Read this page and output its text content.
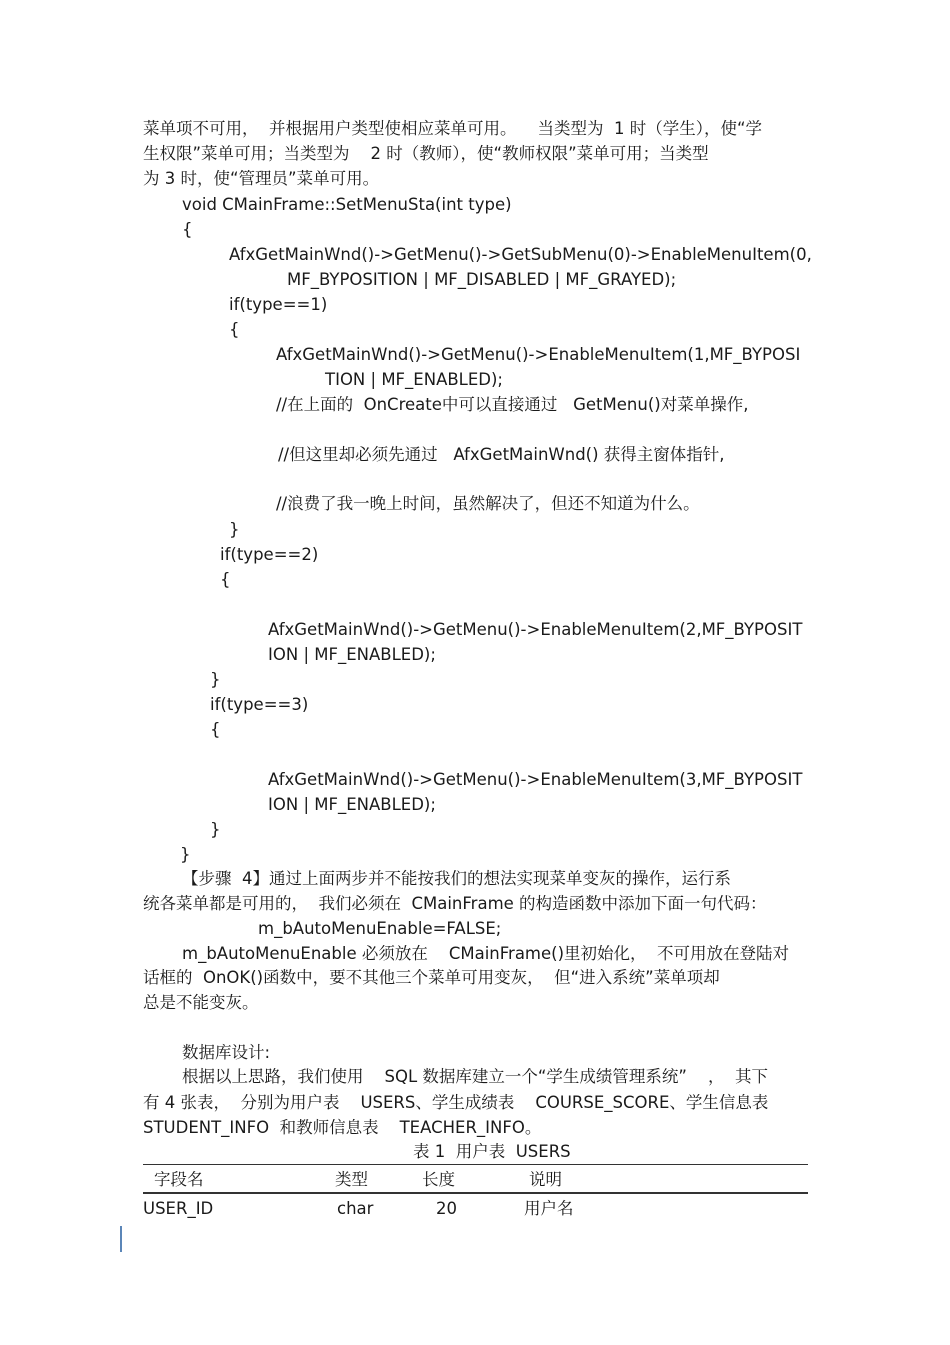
菜单项不可用，  并根据用户类型使相应菜单可用。    当类型为  1 时（学生），使“学
生权限”菜单可用；当类型为    2 时（教师），使“教师权限”菜单可用；当类型
为 3 时，使“管理员”菜单可用。
void CMainFrame::SetMenuSta(int type)
{
AfxGetMainWnd()->GetMenu()->GetSubMenu(0)->EnableMenuItem(0,
MF_BYPOSITION | MF_DISABLED | MF_GRAYED);
if(type==1)
{
AfxGetMainWnd()->GetMenu()->EnableMenuItem(1,MF_BYPOSI
TION | MF_ENABLED);
//在上面的  OnCreate中可以直接通过   GetMenu()对菜单操作,
//但这里却必须先通过   AfxGetMainWnd() 获得主窗体指针,
//浪费了我一晚上时间，虽然解决了，但还不知道为什么。
}
if(type==2)
{
AfxGetMainWnd()->GetMenu()->EnableMenuItem(2,MF_BYPOSIT
ION | MF_ENABLED);
}
if(type==3)
{
AfxGetMainWnd()->GetMenu()->EnableMenuItem(3,MF_BYPOSIT
ION | MF_ENABLED);
}
}
【步骤  4】通过上面两步并不能按我们的想法实现菜单变灰的操作，运行系
统各菜单都是可用的，  我们必须在  CMainFrame 的构造函数中添加下面一句代码：
m_bAutoMenuEnable=FALSE;
m_bAutoMenuEnable 必须放在    CMainFrame()里初始化，  不可用放在登陆对
话框的  OnOK()函数中，要不其他三个菜单可用变灰，  但“进入系统”菜单项却
总是不能变灰。
数据库设计:
根据以上思路，我们使用    SQL 数据库建立一个“学生成绩管理系统”    ，  其下
有 4 张表，  分别为用户表    USERS、学生成绩表    COURSE_SCORE、学生信息表
STUDENT_INFO  和教师信息表    TEACHER_INFO。
表 1  用户表  USERS
字段名	类型	长度	说明
USER_ID	char	20	用户名
